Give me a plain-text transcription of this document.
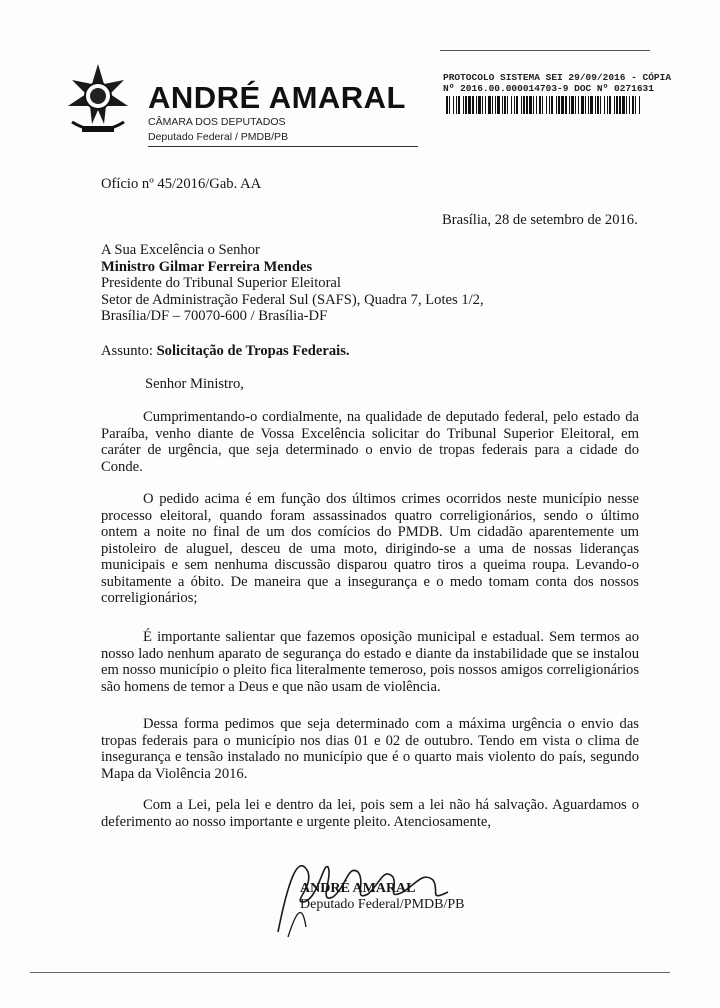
PROTOCOLO SISTEMA SEI 29/09/2016 - CÓPIA
Nº 2016.00.000014703-9 DOC Nº 0271631
ANDRÉ AMARAL
CÂMARA DOS DEPUTADOS
Deputado Federal / PMDB/PB
Ofício nº 45/2016/Gab. AA
Brasília, 28 de setembro de 2016.
A Sua Excelência o Senhor
Ministro Gilmar Ferreira Mendes
Presidente do Tribunal Superior Eleitoral
Setor de Administração Federal Sul (SAFS), Quadra 7, Lotes 1/2,
Brasília/DF – 70070-600 / Brasília-DF
Assunto: Solicitação de Tropas Federais.
Senhor Ministro,
Cumprimentando-o cordialmente, na qualidade de deputado federal, pelo estado da Paraíba, venho diante de Vossa Excelência solicitar do Tribunal Superior Eleitoral, em caráter de urgência, que seja determinado o envio de tropas federais para a cidade do Conde.
O pedido acima é em função dos últimos crimes ocorridos neste município nesse processo eleitoral, quando foram assassinados quatro correligionários, sendo o último ontem a noite no final de um dos comícios do PMDB. Um cidadão aparentemente um pistoleiro de aluguel, desceu de uma moto, dirigindo-se a uma de nossas lideranças municipais e sem nenhuma discussão disparou quatro tiros a queima roupa. Levando-o subitamente a óbito. De maneira que a insegurança e o medo tomam conta dos nossos correligionários;
É importante salientar que fazemos oposição municipal e estadual. Sem termos ao nosso lado nenhum aparato de segurança do estado e diante da instabilidade que se instalou em nosso município o pleito fica literalmente temeroso, pois nossos amigos correligionários são homens de temor a Deus e que não usam de violência.
Dessa forma pedimos que seja determinado com a máxima urgência o envio das tropas federais para o município nos dias 01 e 02 de outubro. Tendo em vista o clima de insegurança e tensão instalado no município que é o quarto mais violento do país, segundo Mapa da Violência 2016.
Com a Lei, pela lei e dentro da lei, pois sem a lei não há salvação. Aguardamos o deferimento ao nosso importante e urgente pleito. Atenciosamente,
ANDRÉ AMARAL
Deputado Federal/PMDB/PB
